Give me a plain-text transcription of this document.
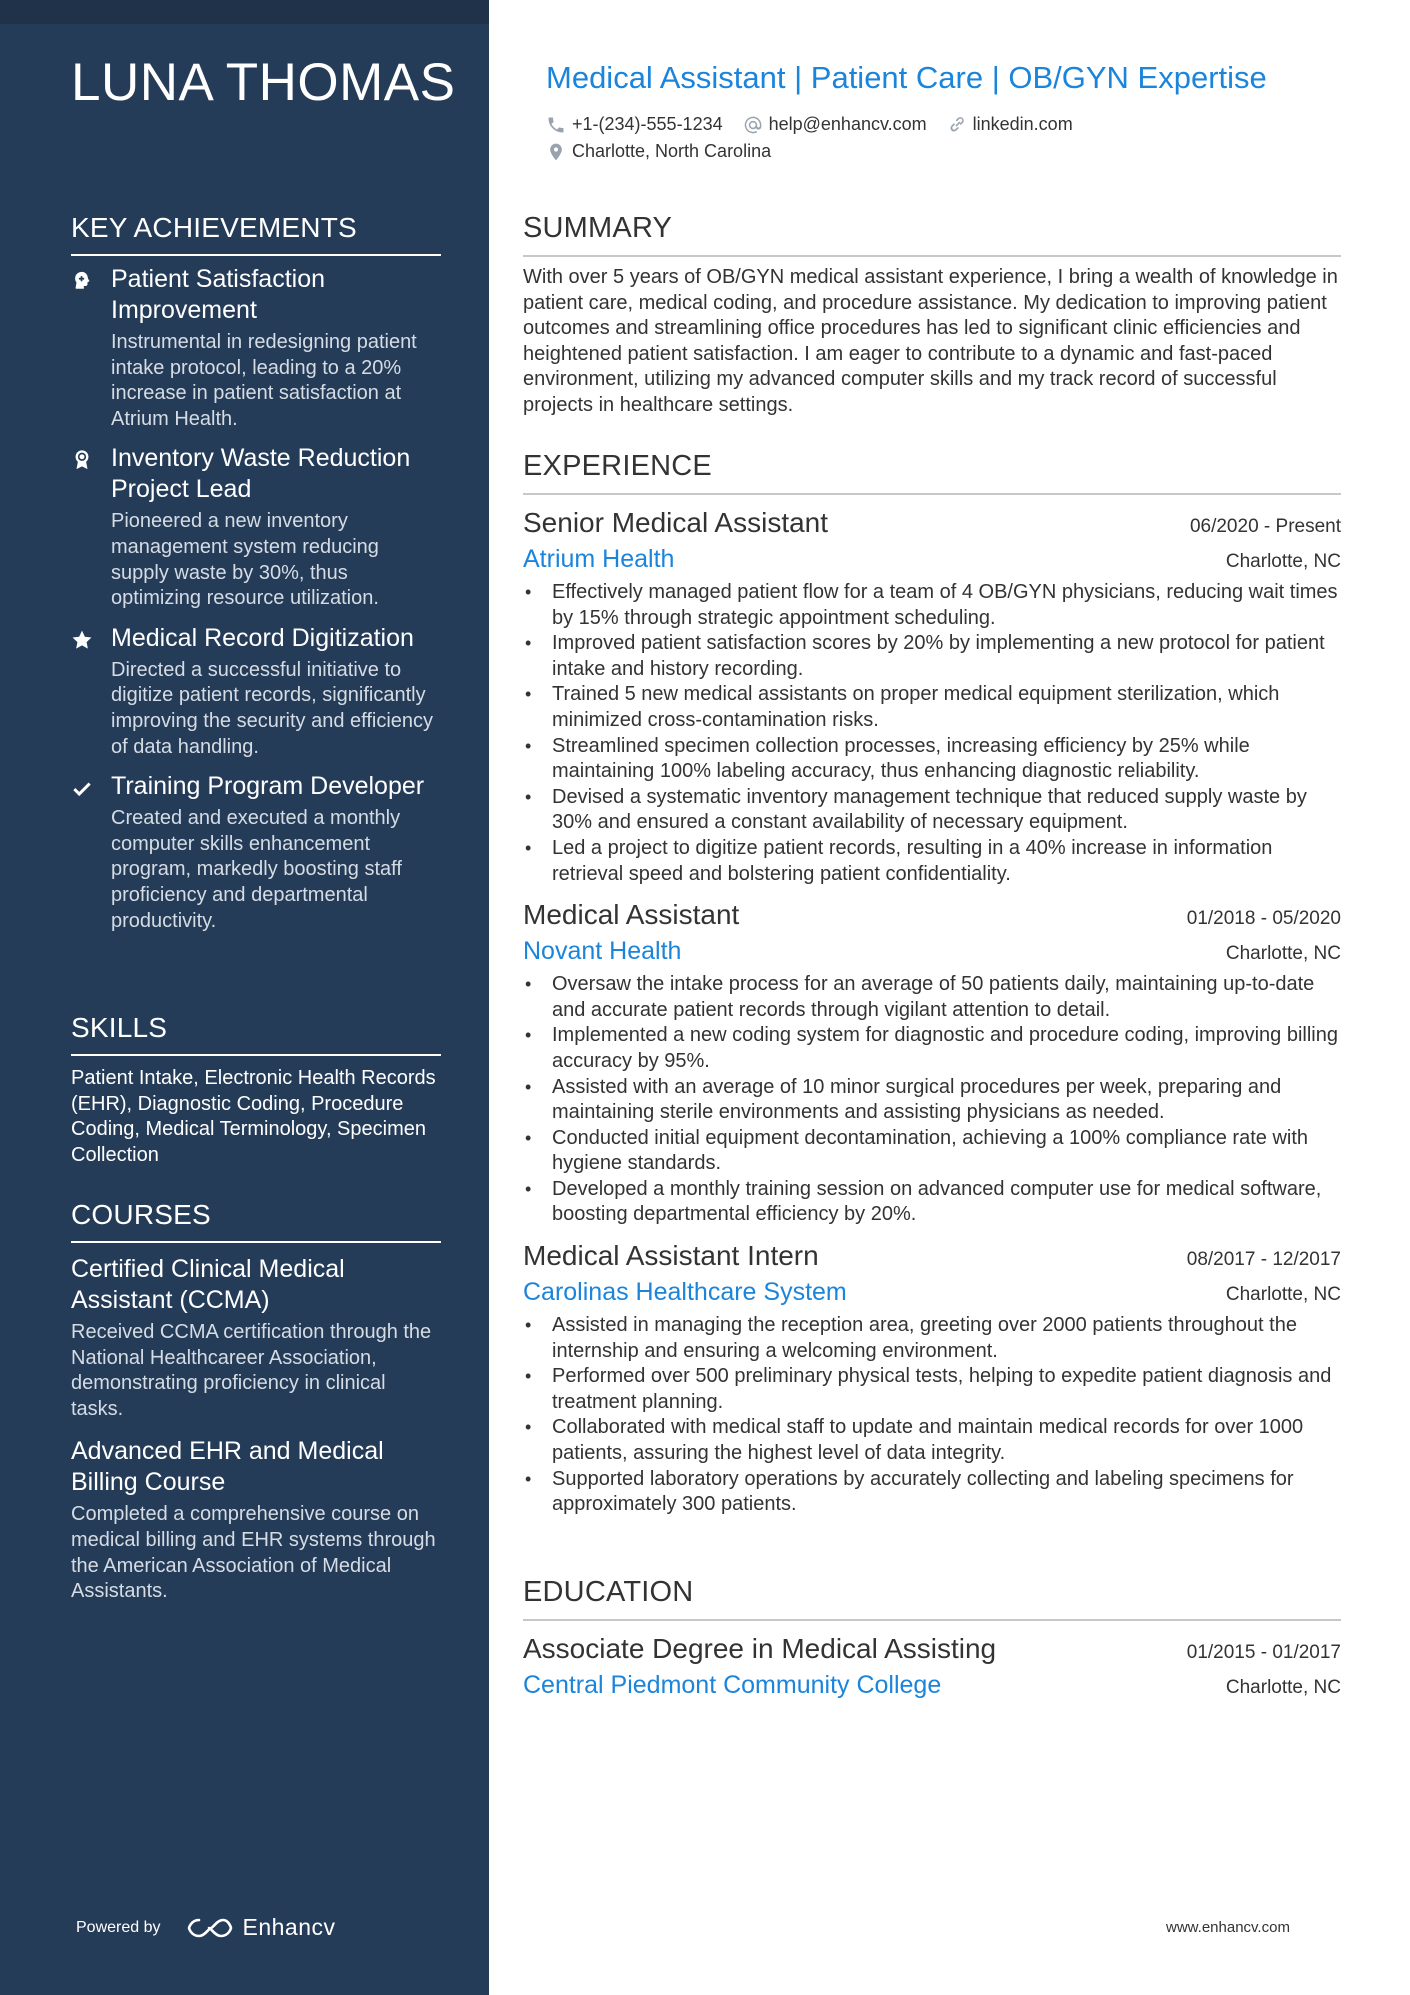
LUNA THOMAS
KEY ACHIEVEMENTS
Patient Satisfaction Improvement
Instrumental in redesigning patient intake protocol, leading to a 20% increase in patient satisfaction at Atrium Health.
Inventory Waste Reduction Project Lead
Pioneered a new inventory management system reducing supply waste by 30%, thus optimizing resource utilization.
Medical Record Digitization
Directed a successful initiative to digitize patient records, significantly improving the security and efficiency of data handling.
Training Program Developer
Created and executed a monthly computer skills enhancement program, markedly boosting staff proficiency and departmental productivity.
SKILLS
Patient Intake, Electronic Health Records (EHR), Diagnostic Coding, Procedure Coding, Medical Terminology, Specimen Collection
COURSES
Certified Clinical Medical Assistant (CCMA)
Received CCMA certification through the National Healthcareer Association, demonstrating proficiency in clinical tasks.
Advanced EHR and Medical Billing Course
Completed a comprehensive course on medical billing and EHR systems through the American Association of Medical Assistants.
Powered by	Enhancv
Medical Assistant | Patient Care | OB/GYN Expertise
+1-(234)-555-1234	help@enhancv.com	linkedin.com
Charlotte, North Carolina
SUMMARY
With over 5 years of OB/GYN medical assistant experience, I bring a wealth of knowledge in patient care, medical coding, and procedure assistance. My dedication to improving patient outcomes and streamlining office procedures has led to significant clinic efficiencies and heightened patient satisfaction. I am eager to contribute to a dynamic and fast-paced environment, utilizing my advanced computer skills and my track record of successful projects in healthcare settings.
EXPERIENCE
Senior Medical Assistant	06/2020 - Present
Atrium Health	Charlotte, NC
• Effectively managed patient flow for a team of 4 OB/GYN physicians, reducing wait times by 15% through strategic appointment scheduling.
• Improved patient satisfaction scores by 20% by implementing a new protocol for patient intake and history recording.
• Trained 5 new medical assistants on proper medical equipment sterilization, which minimized cross-contamination risks.
• Streamlined specimen collection processes, increasing efficiency by 25% while maintaining 100% labeling accuracy, thus enhancing diagnostic reliability.
• Devised a systematic inventory management technique that reduced supply waste by 30% and ensured a constant availability of necessary equipment.
• Led a project to digitize patient records, resulting in a 40% increase in information retrieval speed and bolstering patient confidentiality.
Medical Assistant	01/2018 - 05/2020
Novant Health	Charlotte, NC
• Oversaw the intake process for an average of 50 patients daily, maintaining up-to-date and accurate patient records through vigilant attention to detail.
• Implemented a new coding system for diagnostic and procedure coding, improving billing accuracy by 95%.
• Assisted with an average of 10 minor surgical procedures per week, preparing and maintaining sterile environments and assisting physicians as needed.
• Conducted initial equipment decontamination, achieving a 100% compliance rate with hygiene standards.
• Developed a monthly training session on advanced computer use for medical software, boosting departmental efficiency by 20%.
Medical Assistant Intern	08/2017 - 12/2017
Carolinas Healthcare System	Charlotte, NC
• Assisted in managing the reception area, greeting over 2000 patients throughout the internship and ensuring a welcoming environment.
• Performed over 500 preliminary physical tests, helping to expedite patient diagnosis and treatment planning.
• Collaborated with medical staff to update and maintain medical records for over 1000 patients, assuring the highest level of data integrity.
• Supported laboratory operations by accurately collecting and labeling specimens for approximately 300 patients.
EDUCATION
Associate Degree in Medical Assisting	01/2015 - 01/2017
Central Piedmont Community College	Charlotte, NC
www.enhancv.com
